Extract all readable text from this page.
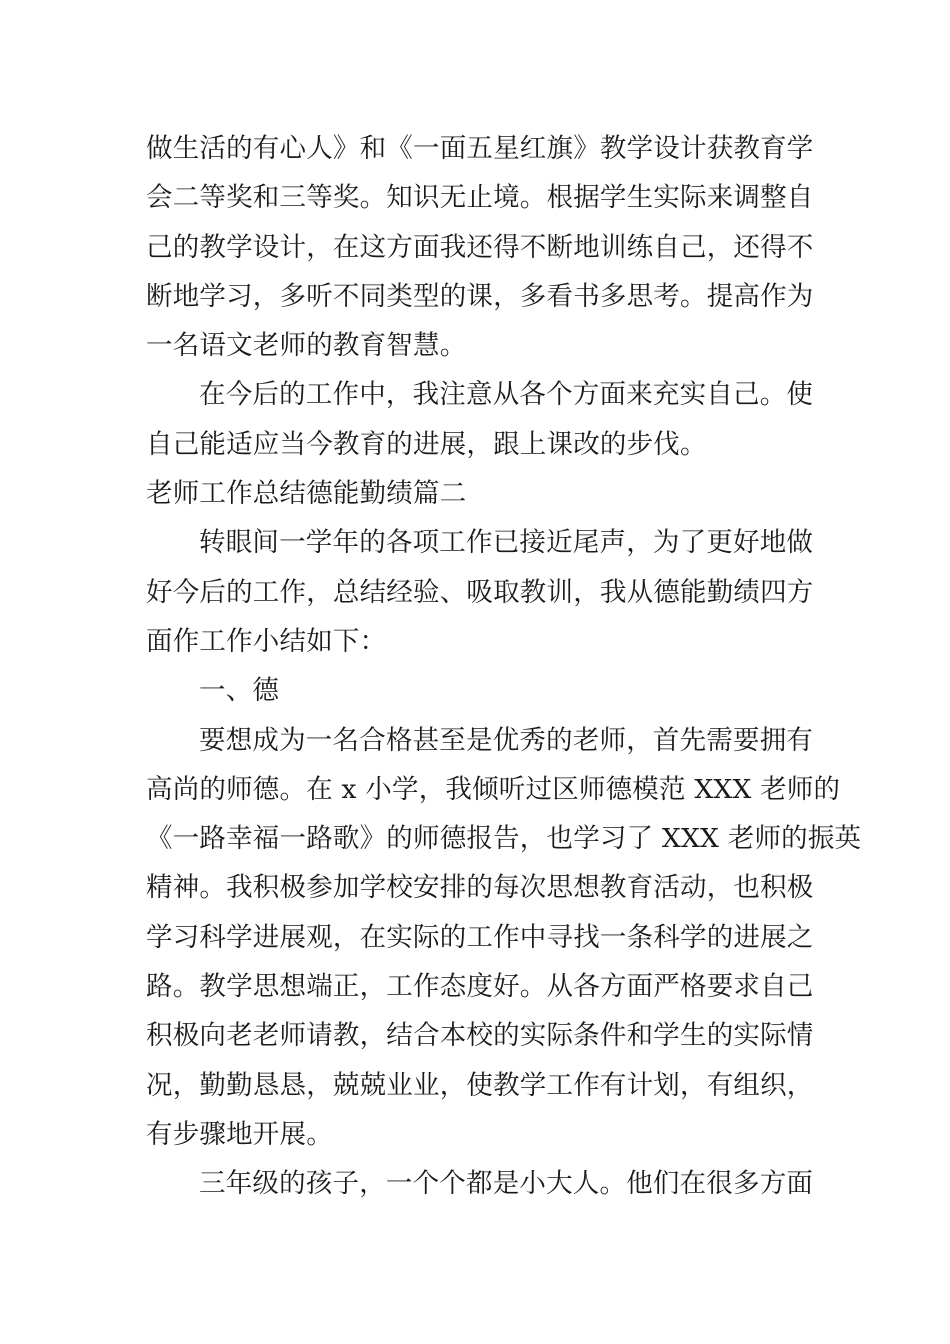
做生活的有心人》和《一面五星红旗》教学设计获教育学
会二等奖和三等奖。知识无止境。根据学生实际来调整自
己的教学设计，在这方面我还得不断地训练自己，还得不
断地学习，多听不同类型的课，多看书多思考。提高作为
一名语文老师的教育智慧。
在今后的工作中，我注意从各个方面来充实自己。使
自己能适应当今教育的进展，跟上课改的步伐。
老师工作总结德能勤绩篇二
转眼间一学年的各项工作已接近尾声，为了更好地做
好今后的工作，总结经验、吸取教训，我从德能勤绩四方
面作工作小结如下：
一、德
要想成为一名合格甚至是优秀的老师，首先需要拥有
高尚的师德。在 x 小学，我倾听过区师德模范 XXX 老师的
《一路幸福一路歌》的师德报告，也学习了 XXX 老师的振英
精神。我积极参加学校安排的每次思想教育活动，也积极
学习科学进展观，在实际的工作中寻找一条科学的进展之
路。教学思想端正，工作态度好。从各方面严格要求自己
积极向老老师请教，结合本校的实际条件和学生的实际情
况，勤勤恳恳，兢兢业业，使教学工作有计划，有组织，
有步骤地开展。
三年级的孩子，一个个都是小大人。他们在很多方面
